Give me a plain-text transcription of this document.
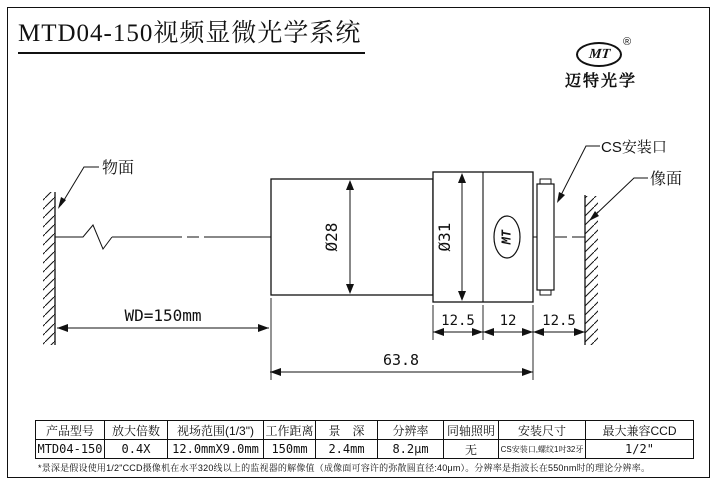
MTD04-150视频显微光学系统
MT
®
迈特光学
MT
Ø28	Ø31
WD=150mm	12.5 12 12.5
63.8
物面
CS安装口
像面
产品型号	放大倍数	视场范围(1/3")	工作距离	景　深	分辨率	同轴照明	安装尺寸	最大兼容CCD
MTD04-150	0.4X	12.0mmX9.0mm	150mm	2.4mm	8.2μm	无	CS安装口,螺纹1吋32牙	1/2"
*景深是假设使用1/2"CCD摄像机在水平320线以上的监视器的解像值（成像面可容许的弥散圆直径:40μm）。分辨率是指波长在550nm时的理论分辨率。
